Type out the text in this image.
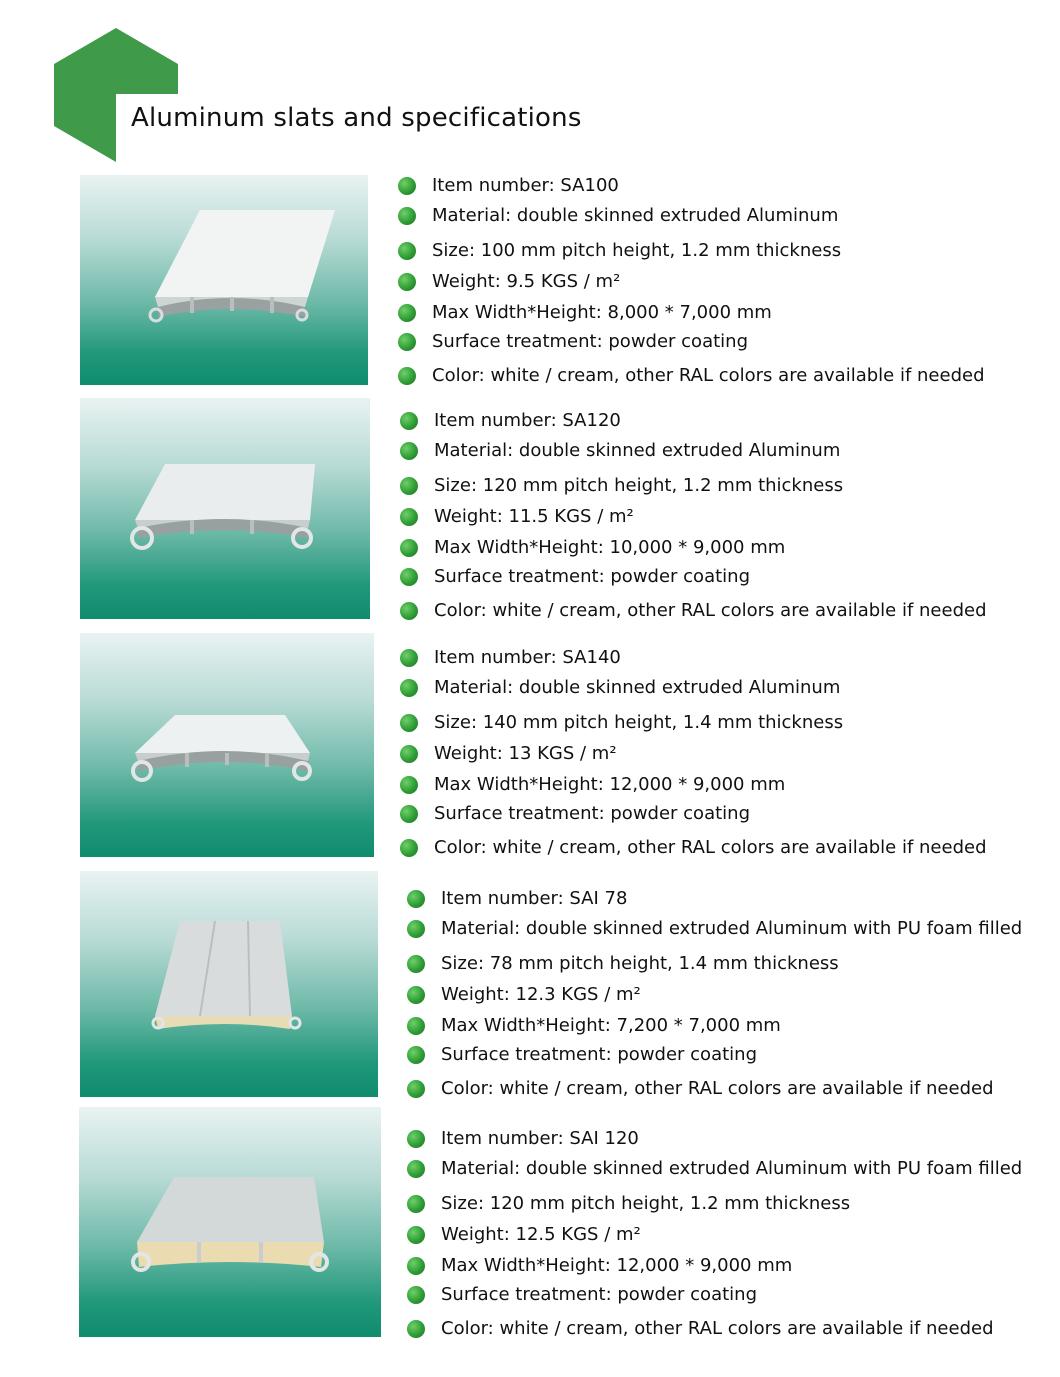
Aluminum slats and specifications
Item number: SA100
Material: double skinned extruded Aluminum
Size: 100 mm pitch height, 1.2 mm thickness
Weight: 9.5 KGS / m²
Max Width*Height: 8,000 * 7,000 mm
Surface treatment: powder coating
Color: white / cream, other RAL colors are available if needed
Item number: SA120
Material: double skinned extruded Aluminum
Size: 120 mm pitch height, 1.2 mm thickness
Weight: 11.5 KGS / m²
Max Width*Height: 10,000 * 9,000 mm
Surface treatment: powder coating
Color: white / cream, other RAL colors are available if needed
Item number: SA140
Material: double skinned extruded Aluminum
Size: 140 mm pitch height, 1.4 mm thickness
Weight: 13 KGS / m²
Max Width*Height: 12,000 * 9,000 mm
Surface treatment: powder coating
Color: white / cream, other RAL colors are available if needed
Item number: SAI 78
Material: double skinned extruded Aluminum with PU foam filled
Size: 78 mm pitch height, 1.4 mm thickness
Weight: 12.3 KGS / m²
Max Width*Height: 7,200 * 7,000 mm
Surface treatment: powder coating
Color: white / cream, other RAL colors are available if needed
Item number: SAI 120
Material: double skinned extruded Aluminum with PU foam filled
Size: 120 mm pitch height, 1.2 mm thickness
Weight: 12.5 KGS / m²
Max Width*Height: 12,000 * 9,000 mm
Surface treatment: powder coating
Color: white / cream, other RAL colors are available if needed
